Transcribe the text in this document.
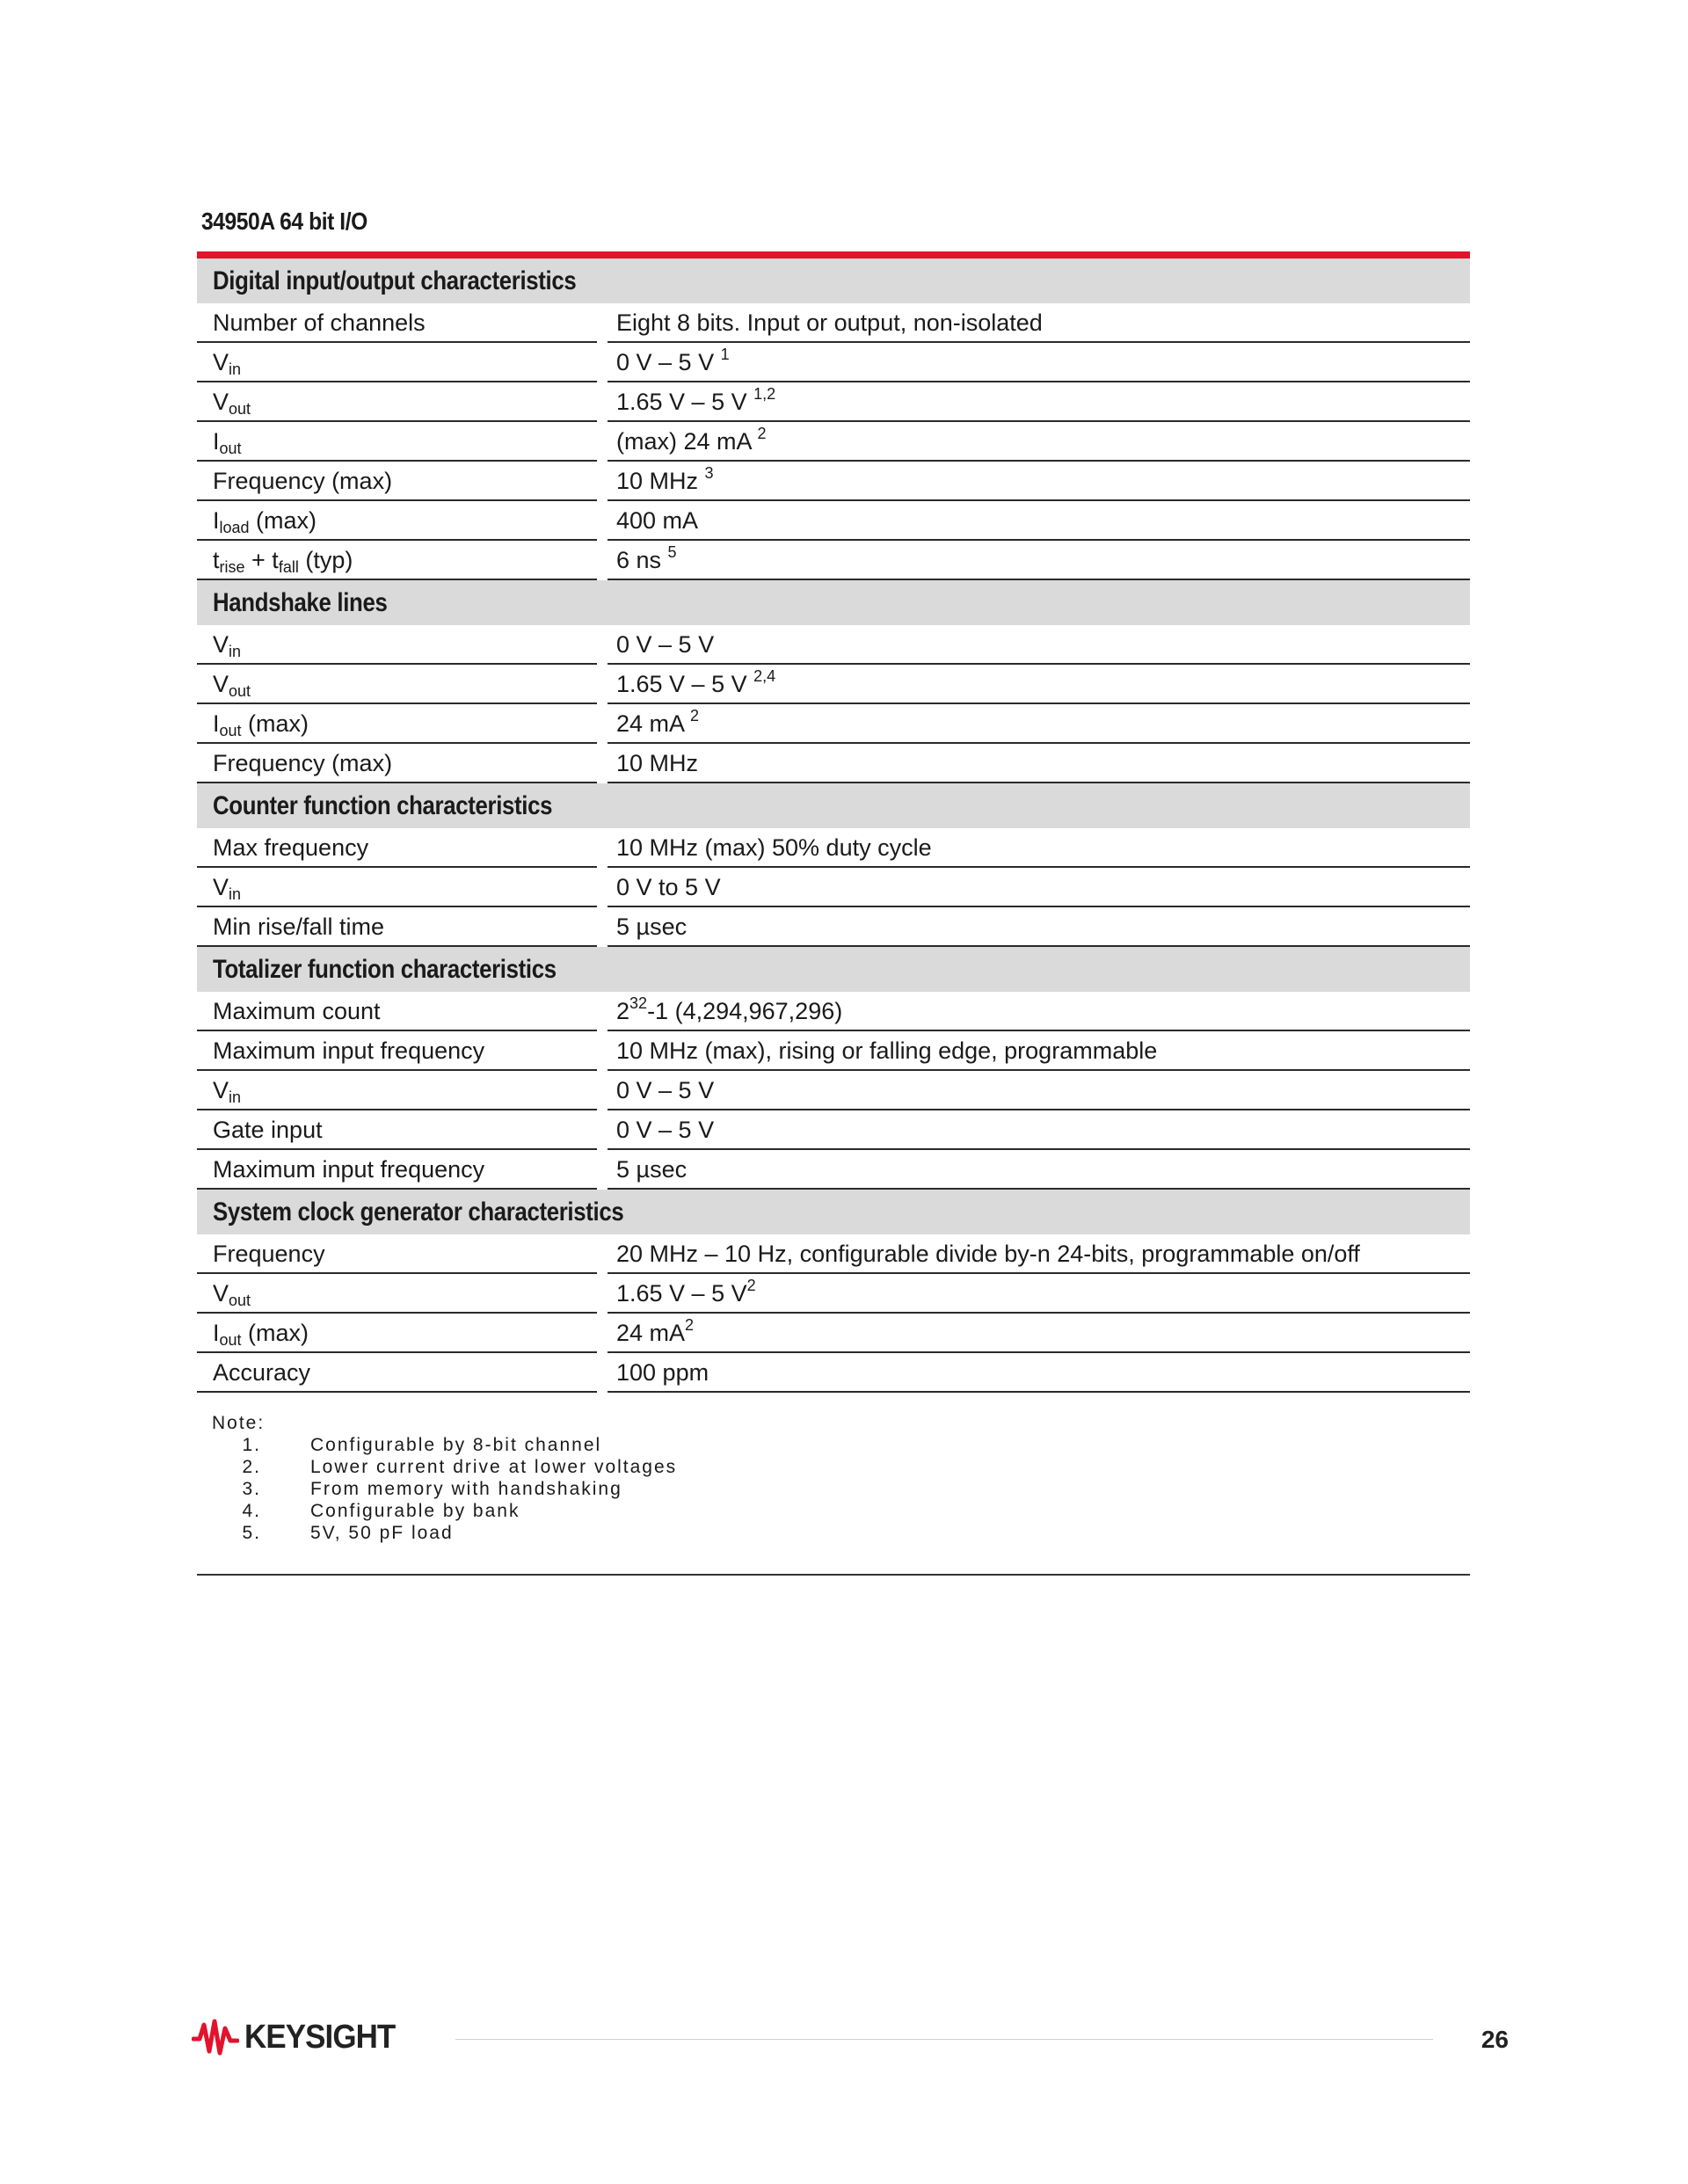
34950A 64 bit I/O
Digital input/output characteristics
Number of channels	Eight 8 bits. Input or output, non-isolated
$V_{in}$	0 V – 5 V $^1$
$V_{out}$	1.65 V – 5 V $^{1,2}$
$I_{out}$	(max) 24 mA $^2$
Frequency (max)	10 MHz $^3$
$I_{load}$ (max)	400 mA
$t_{rise} + t_{fall}$ (typ)	6 ns $^5$
Handshake lines
$V_{in}$	0 V – 5 V
$V_{out}$	1.65 V – 5 V $^{2,4}$
$I_{out}$ (max)	24 mA $^2$
Frequency (max)	10 MHz
Counter function characteristics
Max frequency	10 MHz (max) 50% duty cycle
$V_{in}$	0 V to 5 V
Min rise/fall time	5 µsec
Totalizer function characteristics
Maximum count	$2^{32}-1$ (4,294,967,296)
Maximum input frequency	10 MHz (max), rising or falling edge, programmable
$V_{in}$	0 V – 5 V
Gate input	0 V – 5 V
Maximum input frequency	5 µsec
System clock generator characteristics
Frequency	20 MHz – 10 Hz, configurable divide by-n 24-bits, programmable on/off
$V_{out}$	1.65 V – 5 $V^2$
$I_{out}$ (max)	24 $mA^2$
Accuracy	100 ppm
Note:
1.	Configurable by 8-bit channel
2.	Lower current drive at lower voltages
3.	From memory with handshaking
4.	Configurable by bank
5.	5V, 50 pF load
KEYSIGHT	26
